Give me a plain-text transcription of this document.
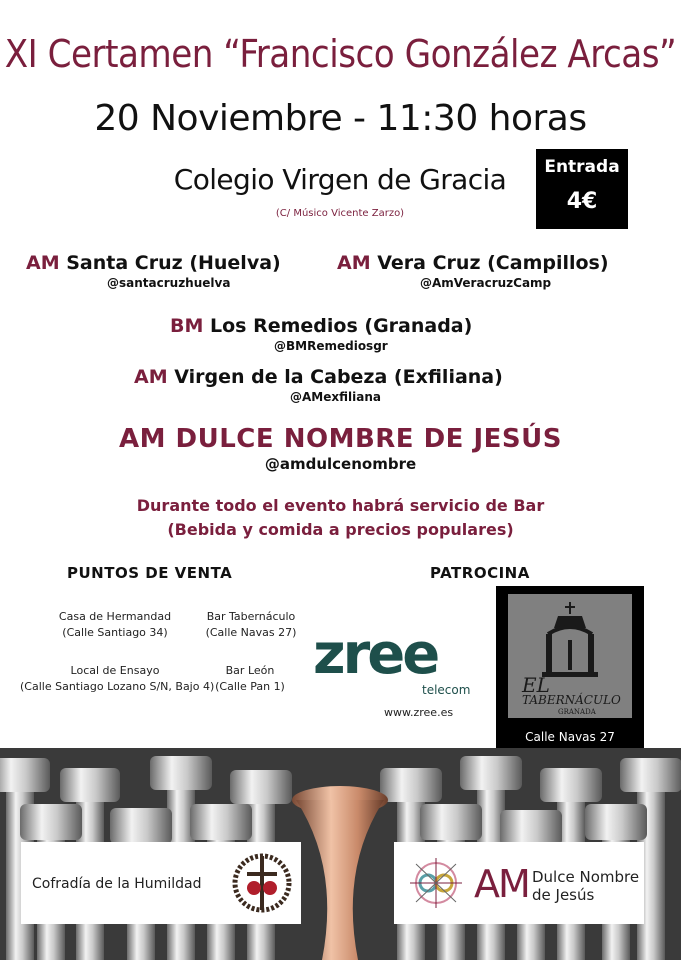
XI Certamen “Francisco González Arcas”
20 Noviembre - 11:30 horas
Colegio Virgen de Gracia
(C/ Músico Vicente Zarzo)
Entrada
4€
AM Santa Cruz (Huelva)
@santacruzhuelva
AM Vera Cruz (Campillos)
@AmVeracruzCamp
BM Los Remedios (Granada)
@BMRemediosgr
AM Virgen de la Cabeza (Exfiliana)
@AMexfiliana
AM DULCE NOMBRE DE JESÚS
@amdulcenombre
Durante todo el evento habrá servicio de Bar
(Bebida y comida a precios populares)
PUNTOS DE VENTA
Casa de Hermandad
(Calle Santiago 34)
Bar Tabernáculo
(Calle Navas 27)
Local de Ensayo
(Calle Santiago Lozano S/N, Bajo 4)
Bar León
(Calle Pan 1)
PATROCINA
zree
telecom
www.zree.es
EL
TABERNÁCULO
GRANADA
Calle Navas 27
Cofradía de la Humildad	AM Dulce Nombre
de Jesús
